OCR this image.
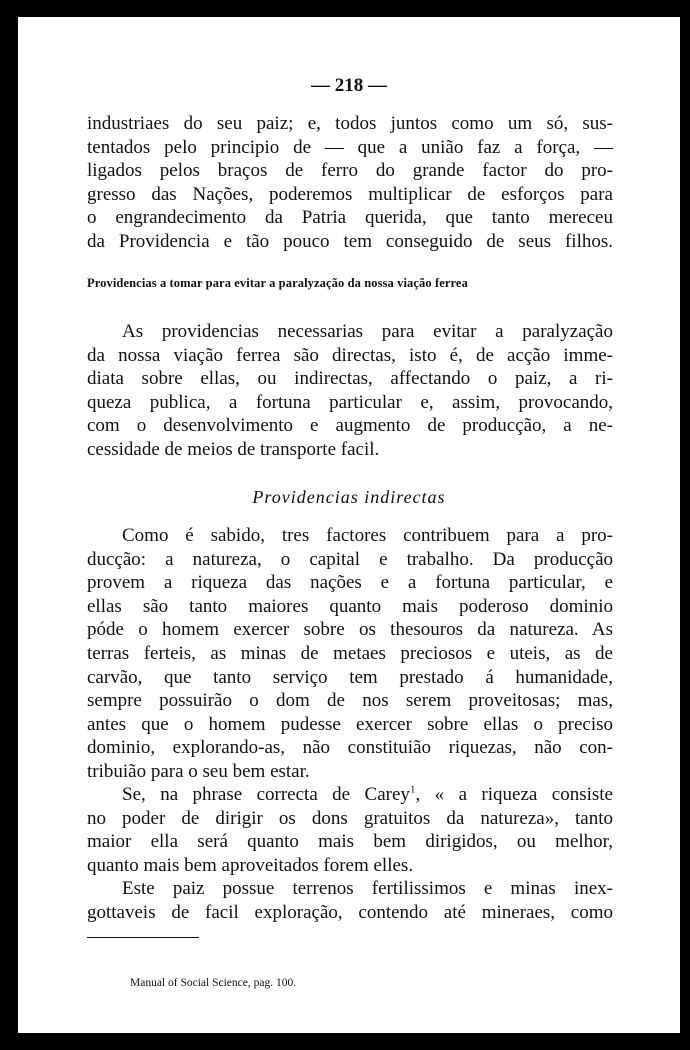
— 218 —

industriaes do seu paiz; e, todos juntos como um só, sus-
tentados pelo principio de — que a união faz a força, —
ligados pelos braços de ferro do grande factor do pro-
gresso das Nações, poderemos multiplicar de esforços para
o engrandecimento da Patria querida, que tanto mereceu
da Providencia e tão pouco tem conseguido de seus filhos.

Providencias a tomar para evitar a paralyzação da nossa viação ferrea

As providencias necessarias para evitar a paralyzação
da nossa viação ferrea são directas, isto é, de acção imme-
diata sobre ellas, ou indirectas, affectando o paiz, a ri-
queza publica, a fortuna particular e, assim, provocando,
com o desenvolvimento e augmento de producção, a ne-
cessidade de meios de transporte facil.

Providencias indirectas

Como é sabido, tres factores contribuem para a pro-
ducção: a natureza, o capital e trabalho. Da producção
provem a riqueza das nações e a fortuna particular, e
ellas são tanto maiores quanto mais poderoso dominio
póde o homem exercer sobre os thesouros da natureza. As
terras ferteis, as minas de metaes preciosos e uteis, as de
carvão, que tanto serviço tem prestado á humanidade,
sempre possuirão o dom de nos serem proveitosas; mas,
antes que o homem pudesse exercer sobre ellas o preciso
dominio, explorando-as, não constituião riquezas, não con-
tribuião para o seu bem estar.

Se, na phrase correcta de Carey$^1$, « a riqueza consiste
no poder de dirigir os dons gratuitos da natureza», tanto
maior ella será quanto mais bem dirigidos, ou melhor,
quanto mais bem aproveitados forem elles.

Este paiz possue terrenos fertilissimos e minas inex-
gottaveis de facil exploração, contendo até mineraes, como

Manual of Social Science, pag. 100.
